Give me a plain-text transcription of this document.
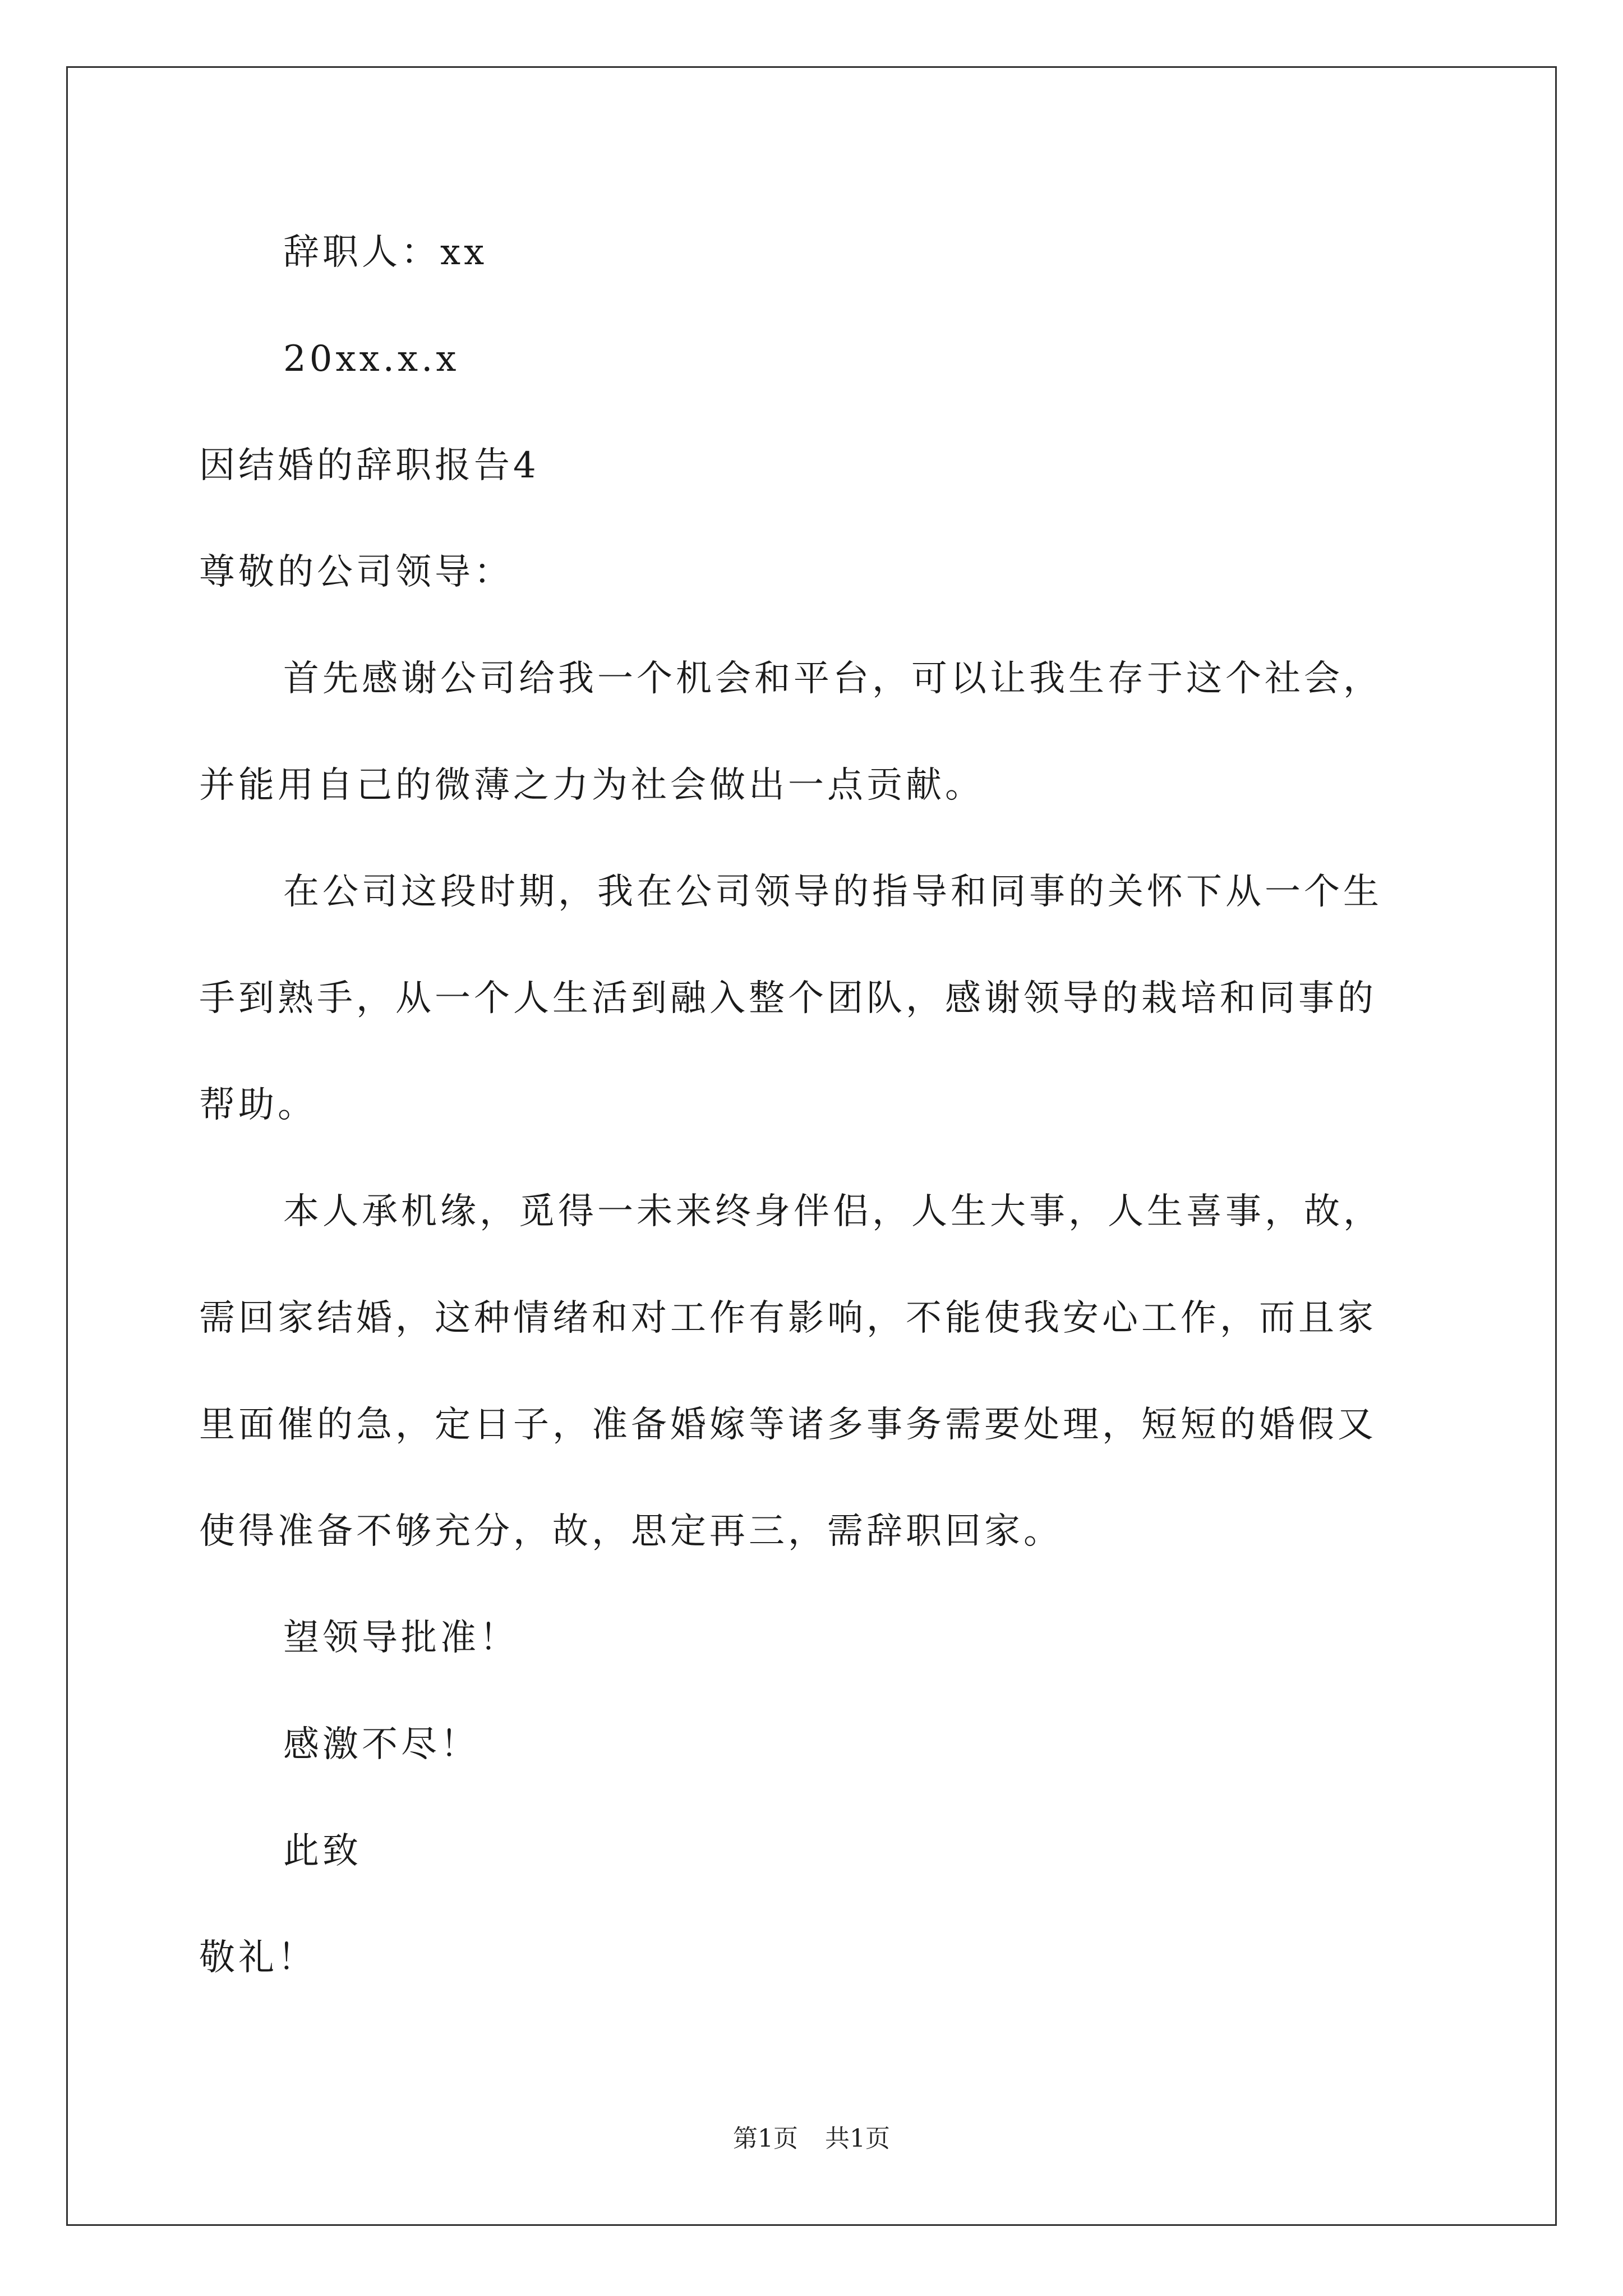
辞职人：xx
20xx.x.x
因结婚的辞职报告4
尊敬的公司领导：
首先感谢公司给我一个机会和平台，可以让我生存于这个社会，
并能用自己的微薄之力为社会做出一点贡献。
在公司这段时期，我在公司领导的指导和同事的关怀下从一个生
手到熟手，从一个人生活到融入整个团队，感谢领导的栽培和同事的
帮助。
本人承机缘，觅得一未来终身伴侣，人生大事，人生喜事，故，
需回家结婚，这种情绪和对工作有影响，不能使我安心工作，而且家
里面催的急，定日子，准备婚嫁等诸多事务需要处理，短短的婚假又
使得准备不够充分，故，思定再三，需辞职回家。
望领导批准！
感激不尽！
此致
敬礼！
第1页 共1页
